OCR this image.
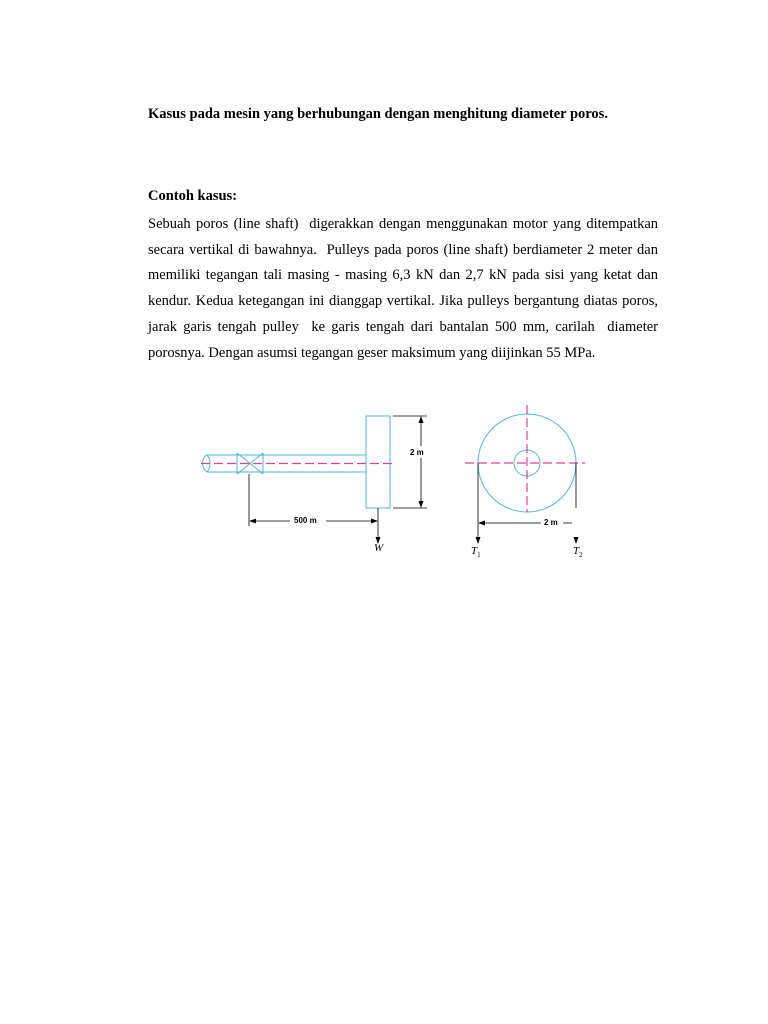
Kasus pada mesin yang berhubungan dengan menghitung diameter poros.
Contoh kasus:

Sebuah poros (line shaft)  digerakkan dengan menggunakan motor yang ditempatkan secara vertikal di bawahnya.  Pulleys pada poros (line shaft) berdiameter 2 meter dan memiliki tegangan tali masing - masing 6,3 kN dan 2,7 kN pada sisi yang ketat dan kendur. Kedua ketegangan ini dianggap vertikal. Jika pulleys bergantung diatas poros, jarak garis tengah pulley  ke garis tengah dari bantalan 500 mm, carilah  diameter porosnya. Dengan asumsi tegangan geser maksimum yang diijinkan 55 MPa.

2 m
500 m
W	T1	T2
2 m
